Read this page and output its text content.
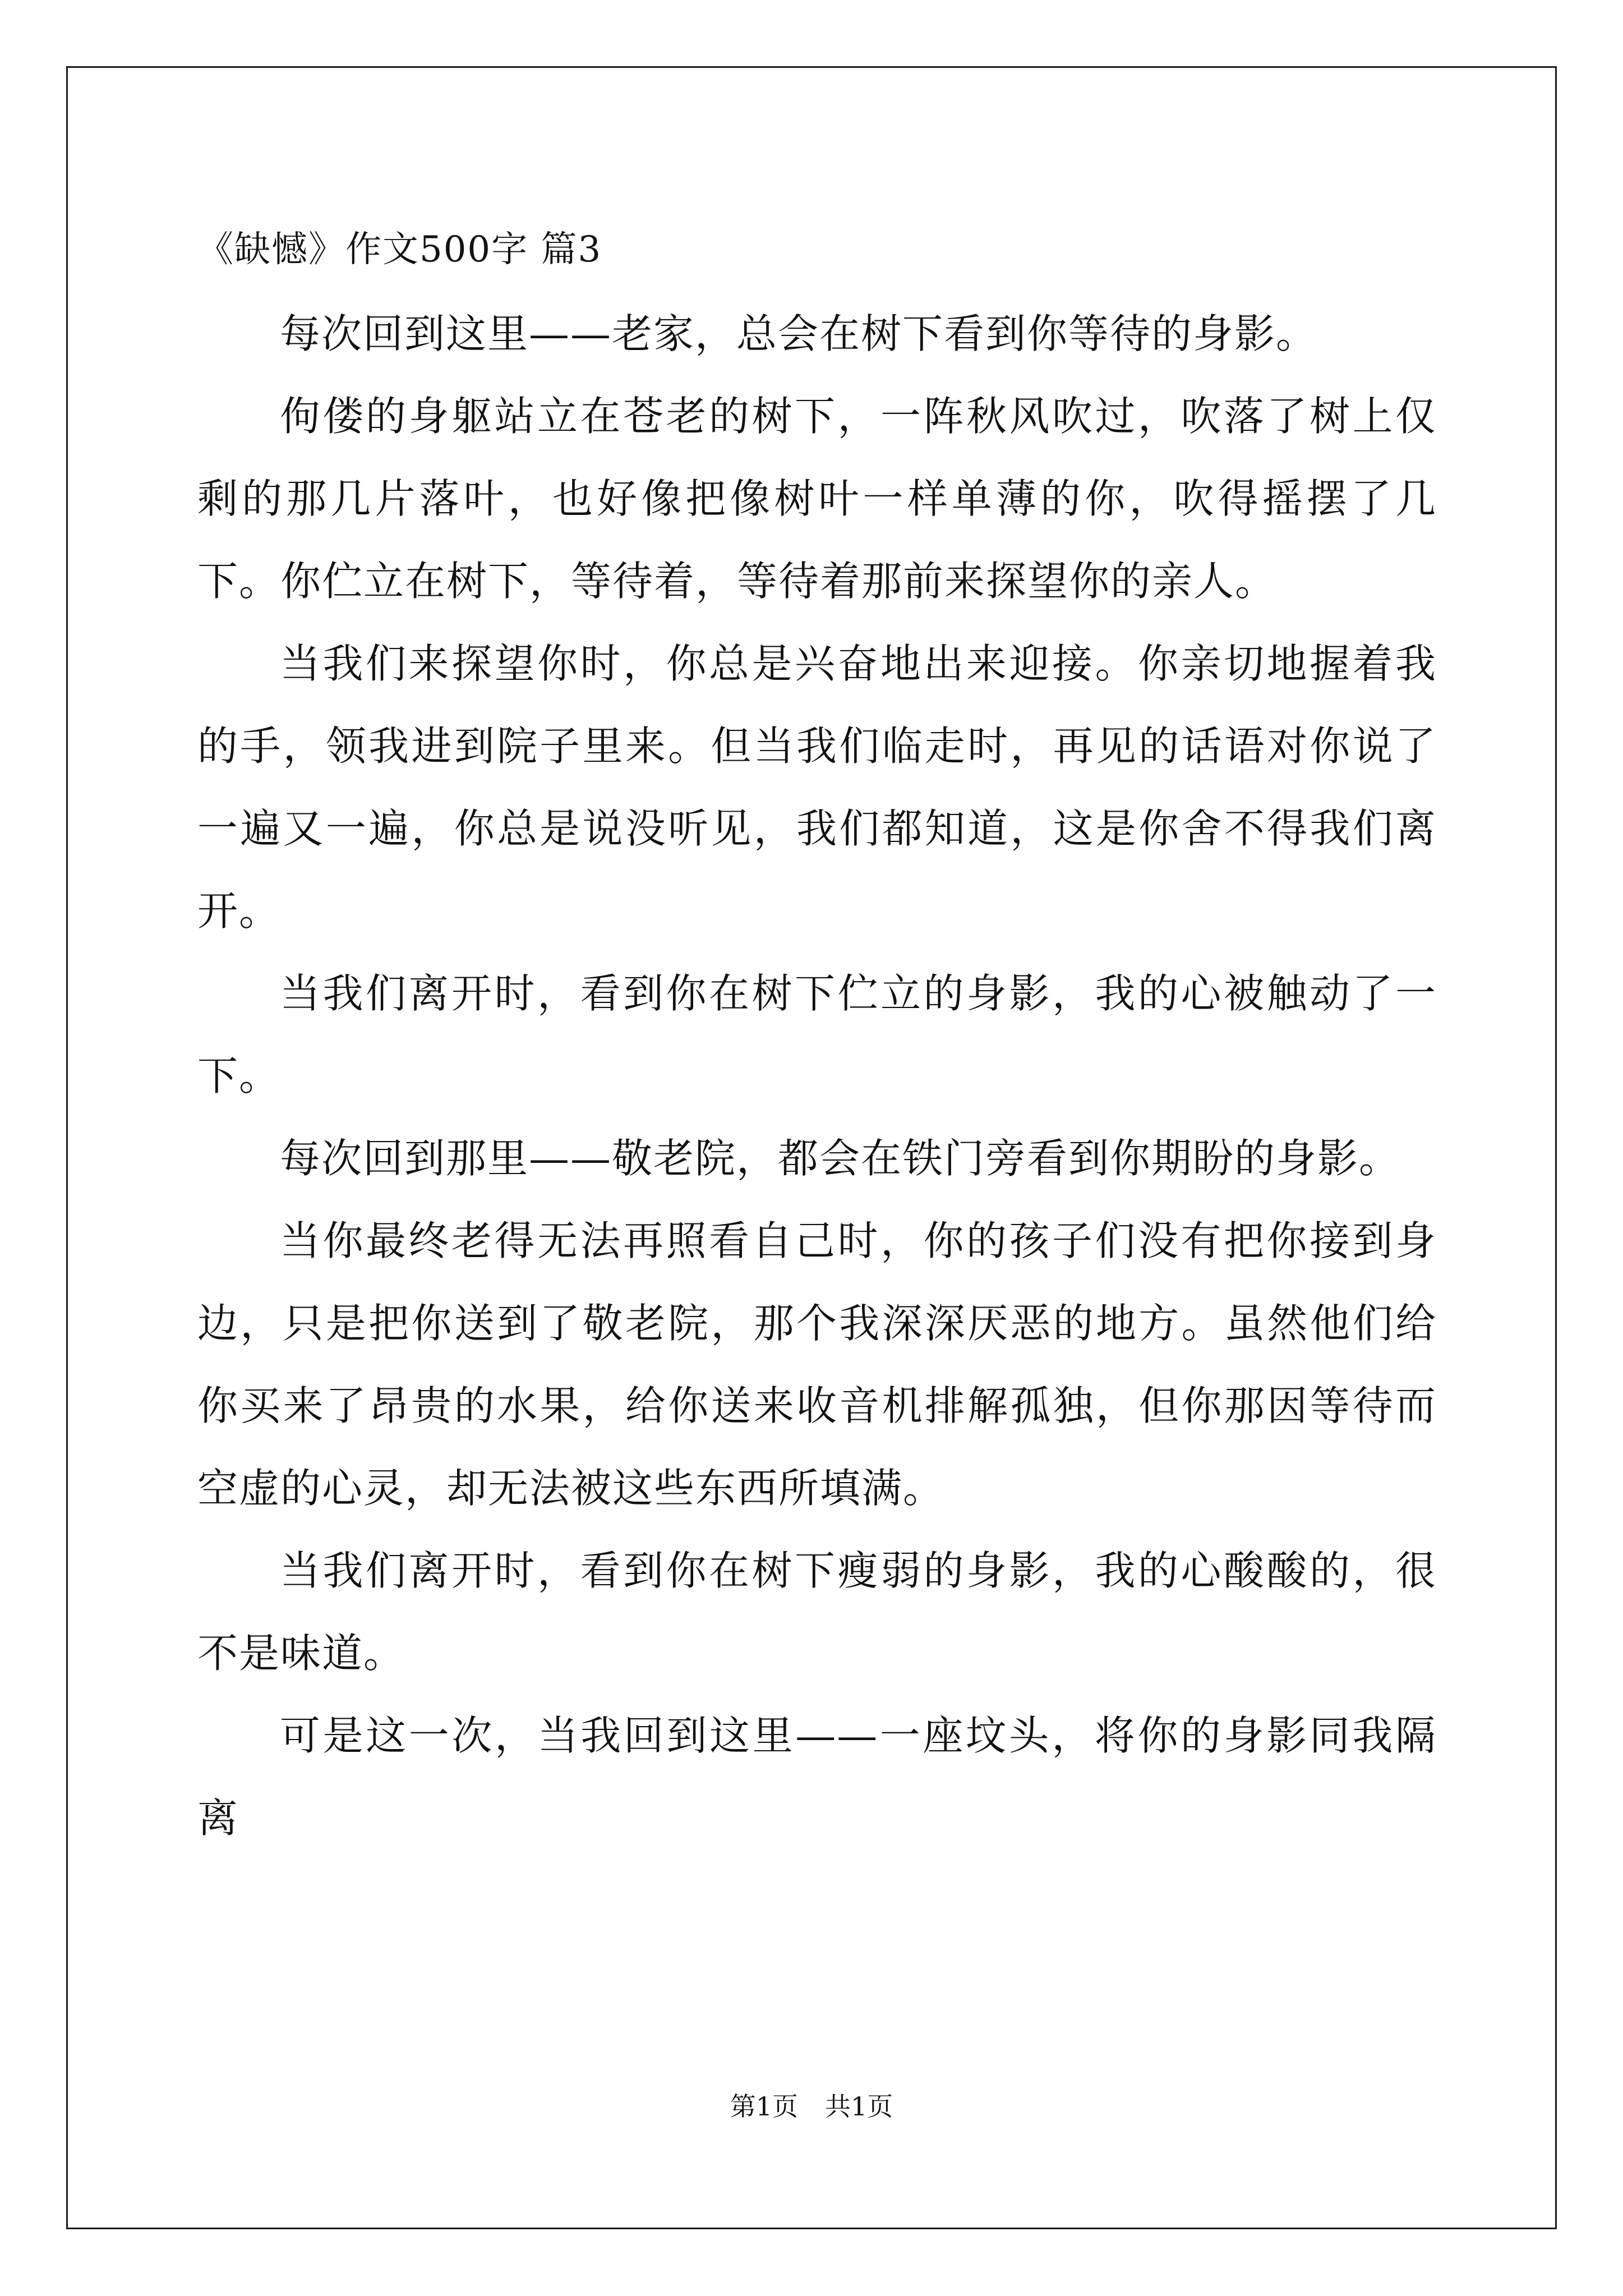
《缺憾》作文500字 篇3

每次回到这里——老家，总会在树下看到你等待的身影。

佝偻的身躯站立在苍老的树下，一阵秋风吹过，吹落了树上仅剩的那几片落叶，也好像把像树叶一样单薄的你，吹得摇摆了几下。你伫立在树下，等待着，等待着那前来探望你的亲人。

当我们来探望你时，你总是兴奋地出来迎接。你亲切地握着我的手，领我进到院子里来。但当我们临走时，再见的话语对你说了一遍又一遍，你总是说没听见，我们都知道，这是你舍不得我们离开。

当我们离开时，看到你在树下伫立的身影，我的心被触动了一下。

每次回到那里——敬老院，都会在铁门旁看到你期盼的身影。

当你最终老得无法再照看自己时，你的孩子们没有把你接到身边，只是把你送到了敬老院，那个我深深厌恶的地方。虽然他们给你买来了昂贵的水果，给你送来收音机排解孤独，但你那因等待而空虚的心灵，却无法被这些东西所填满。

当我们离开时，看到你在树下瘦弱的身影，我的心酸酸的，很不是味道。

可是这一次，当我回到这里——一座坟头，将你的身影同我隔离

第1页 共1页
